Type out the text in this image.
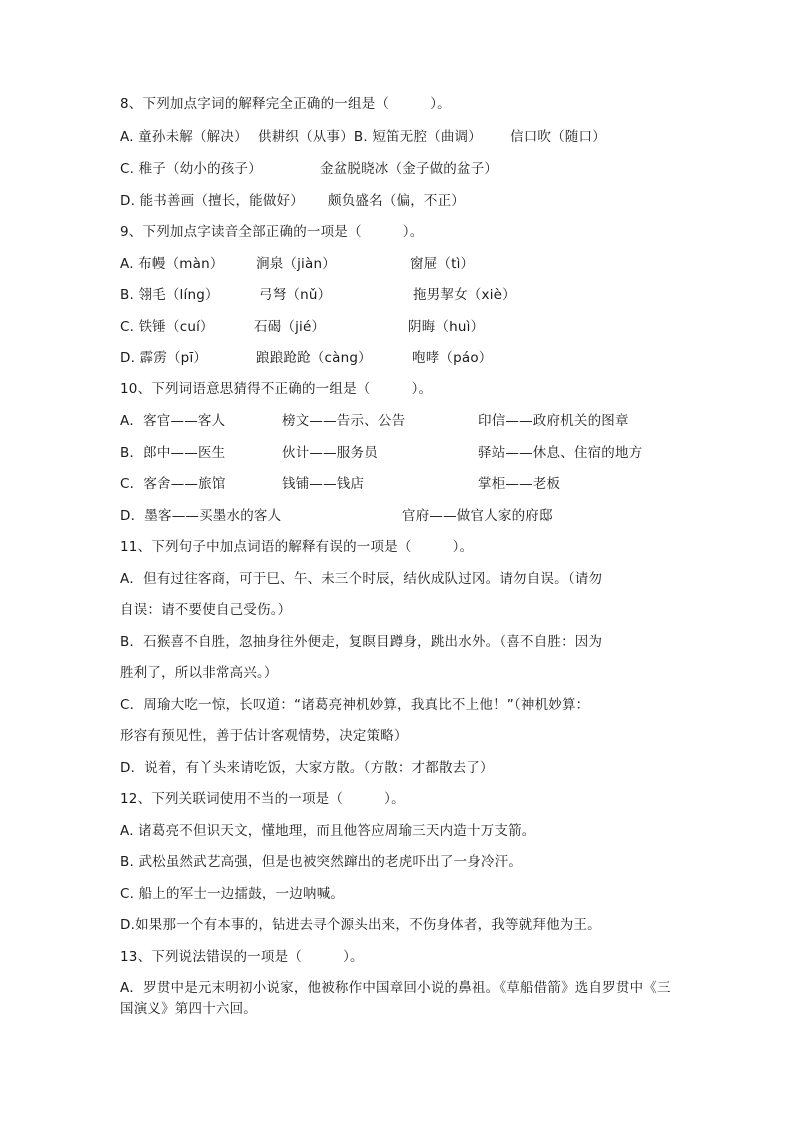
8、下列加点字词的解释完全正确的一组是（　　　）。
A. 童孙未解（解决） 供耕织（从事）B. 短笛无腔（曲调） 信口吹（随口）
C. 稚子（幼小的孩子）	金盆脱晓冰（金子做的盆子）
D. 能书善画（擅长，能做好） 颇负盛名（偏，不正）
9、下列加点字读音全部正确的一项是（　　　）。
A. 布幔（màn） 涧泉（jiàn）	窗屉（tì）
B. 翎毛（líng）	弓弩（nǔ）	拖男挈女（xiè）
C. 铁锤（cuí）	石碣（jié）	阴晦（huì）
D. 霹雳（pī）	踉踉跄跄（càng）	咆哮（páo）
10、下列词语意思猜得不正确的一组是（　　　）。
A．客官——客人	榜文——告示、公告	印信——政府机关的图章
B．郎中——医生	伙计——服务员	驿站——休息、住宿的地方
C．客舍——旅馆	钱铺——钱店	掌柜——老板
D．墨客——买墨水的客人	官府——做官人家的府邸
11、下列句子中加点词语的解释有误的一项是（　　　）。
A．但有过往客商，可于巳、午、未三个时辰，结伙成队过冈。请勿自误。（请勿
自误：请不要使自己受伤。）
B．石猴喜不自胜，忽抽身往外便走，复瞑目蹲身，跳出水外。（喜不自胜：因为
胜利了，所以非常高兴。）
C．周瑜大吃一惊，长叹道：“诸葛亮神机妙算，我真比不上他！”（神机妙算：
形容有预见性，善于估计客观情势，决定策略）
D．说着，有丫头来请吃饭，大家方散。（方散：才都散去了）
12、下列关联词使用不当的一项是（　　　）。
A. 诸葛亮不但识天文，懂地理，而且他答应周瑜三天内造十万支箭。
B. 武松虽然武艺高强，但是也被突然蹿出的老虎吓出了一身冷汗。
C. 船上的军士一边擂鼓，一边呐喊。
D.如果那一个有本事的，钻进去寻个源头出来，不伤身体者，我等就拜他为王。
13、下列说法错误的一项是（　　　）。
A．罗贯中是元末明初小说家，他被称作中国章回小说的鼻祖。《草船借箭》选自罗贯中《三
国演义》第四十六回。
